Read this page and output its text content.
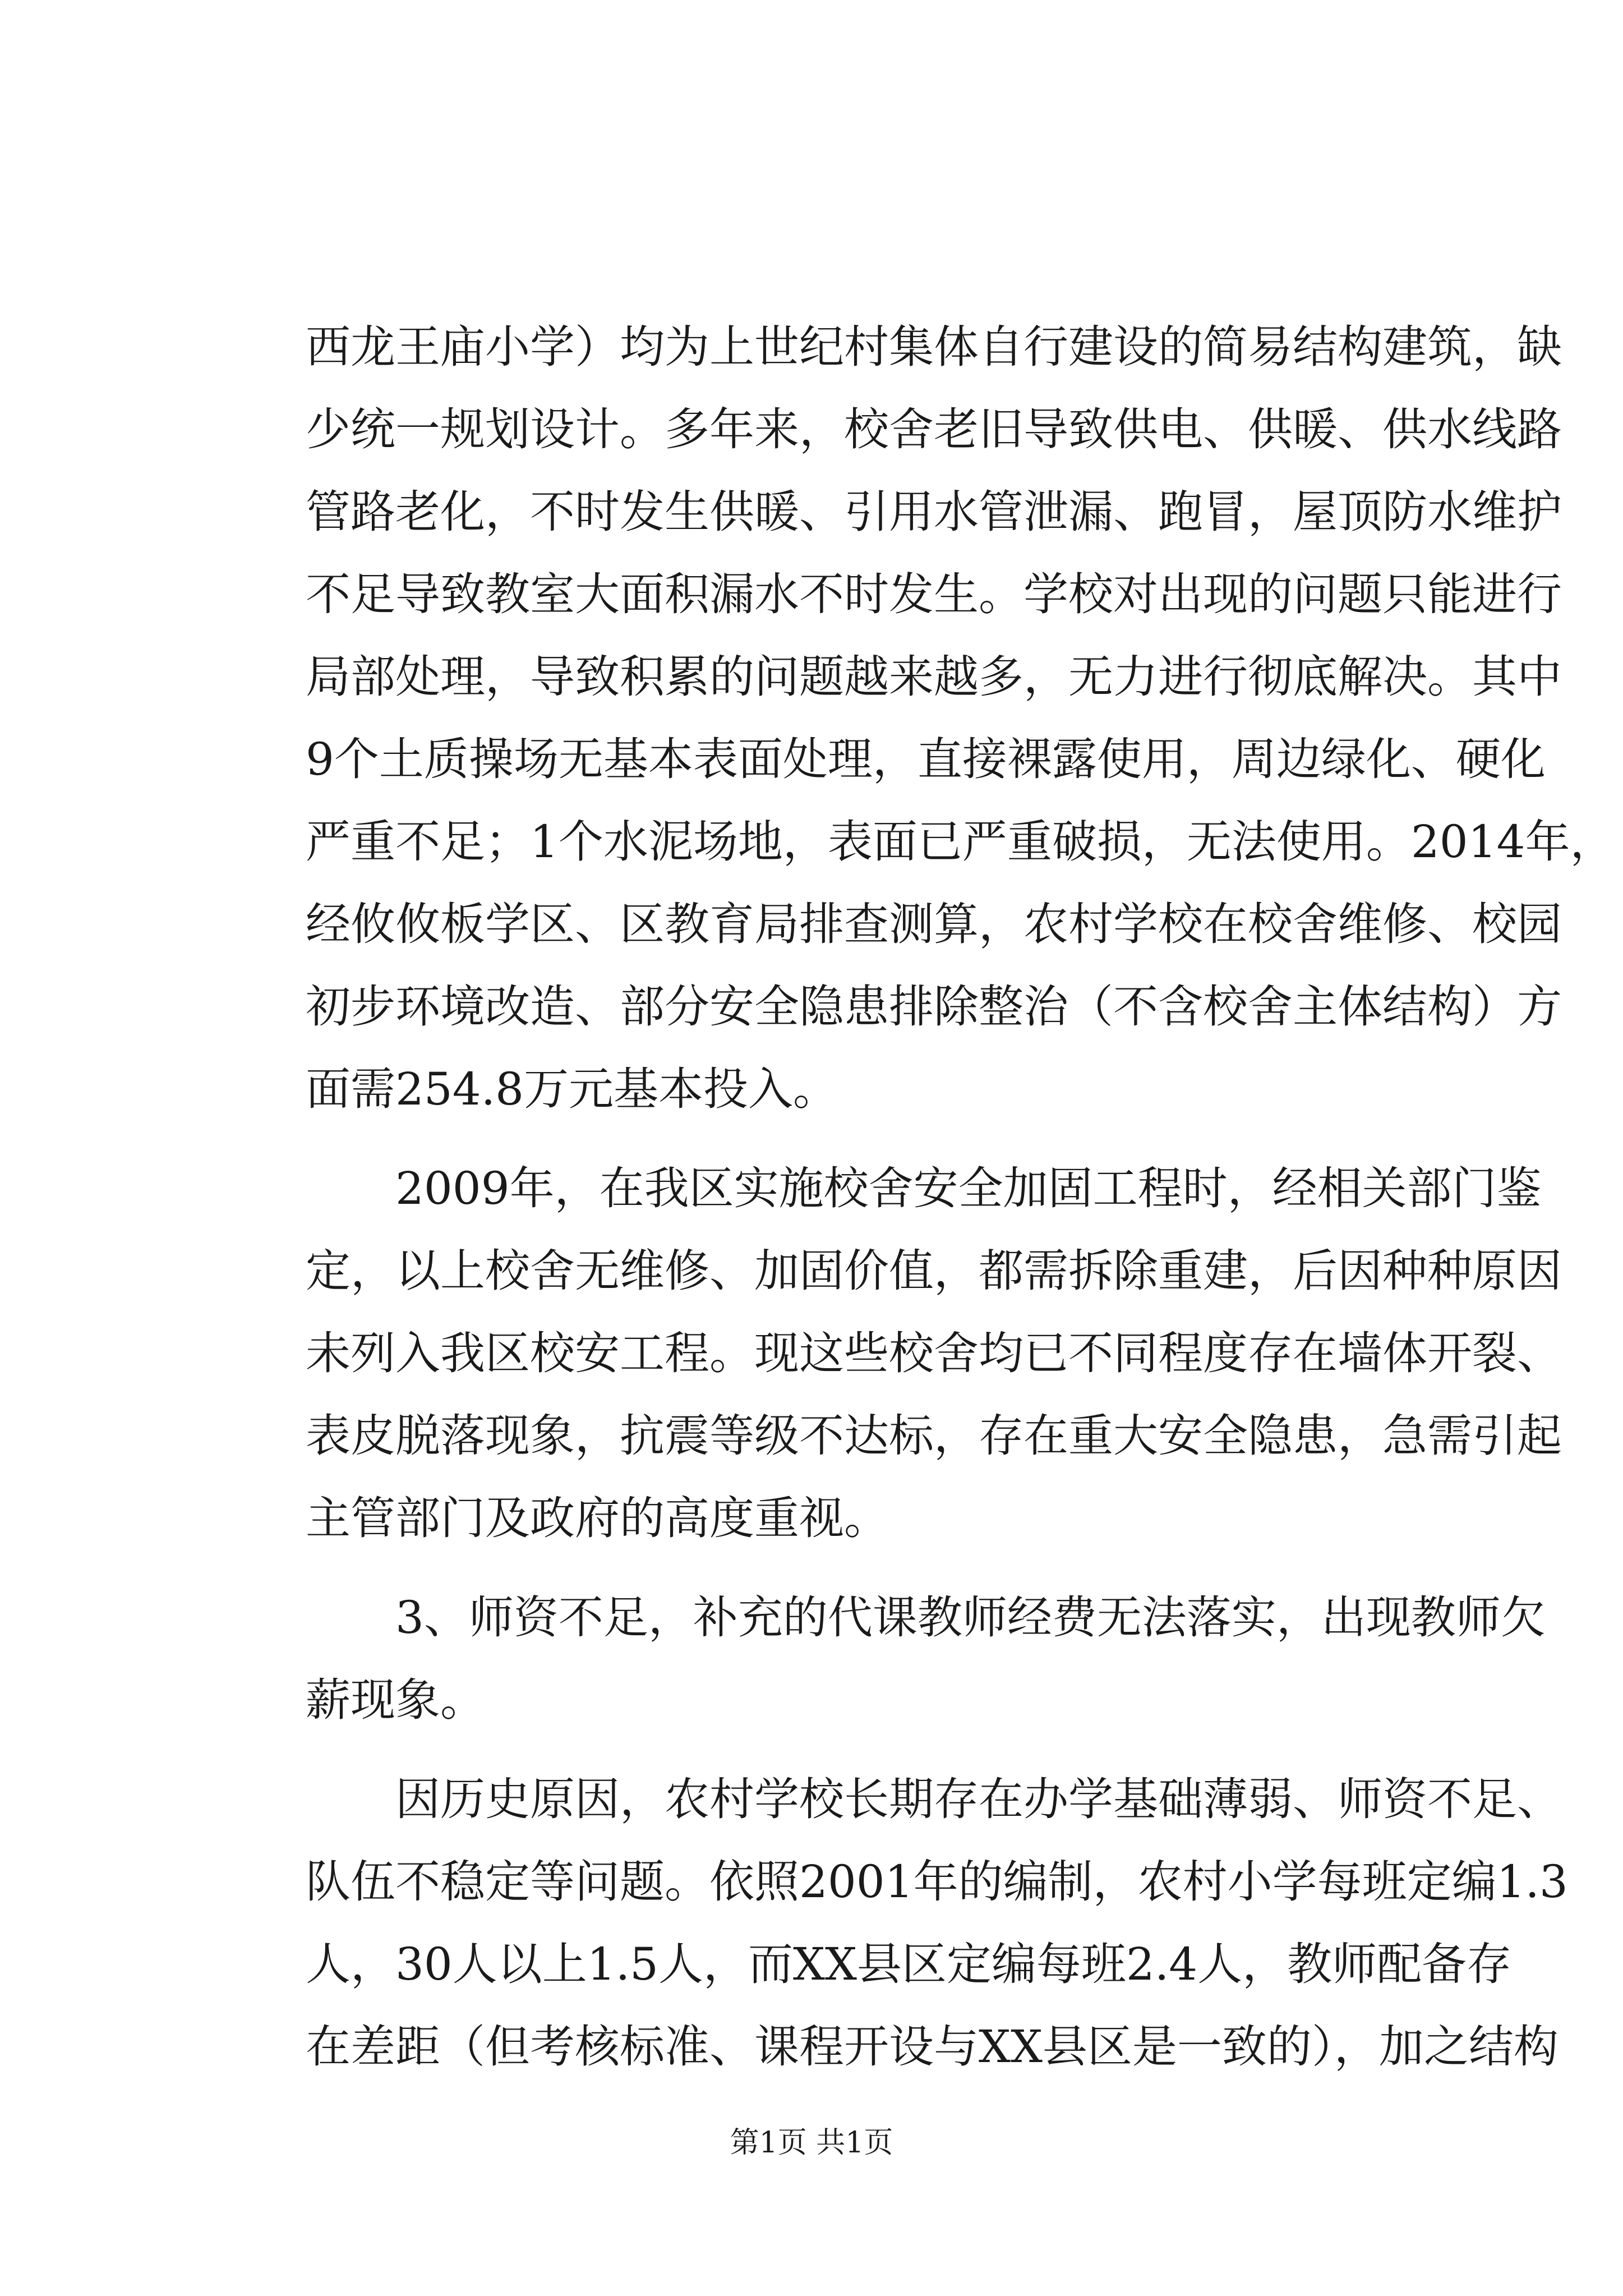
西龙王庙小学）均为上世纪村集体自行建设的简易结构建筑，缺
少统一规划设计。多年来，校舍老旧导致供电、供暖、供水线路
管路老化，不时发生供暖、引用水管泄漏、跑冒，屋顶防水维护
不足导致教室大面积漏水不时发生。学校对出现的问题只能进行
局部处理，导致积累的问题越来越多，无力进行彻底解决。其中
9个土质操场无基本表面处理，直接裸露使用，周边绿化、硬化
严重不足；1个水泥场地，表面已严重破损，无法使用。2014年，
经攸攸板学区、区教育局排查测算，农村学校在校舍维修、校园
初步环境改造、部分安全隐患排除整治（不含校舍主体结构）方
面需254.8万元基本投入。
　　2009年，在我区实施校舍安全加固工程时，经相关部门鉴
定，以上校舍无维修、加固价值，都需拆除重建，后因种种原因
未列入我区校安工程。现这些校舍均已不同程度存在墙体开裂、
表皮脱落现象，抗震等级不达标，存在重大安全隐患，急需引起
主管部门及政府的高度重视。
　　3、师资不足，补充的代课教师经费无法落实，出现教师欠
薪现象。
　　因历史原因，农村学校长期存在办学基础薄弱、师资不足、
队伍不稳定等问题。依照2001年的编制，农村小学每班定编1.3
人，30人以上1.5人，而XX县区定编每班2.4人，教师配备存
在差距（但考核标准、课程开设与XX县区是一致的），加之结构
第1页 共1页
